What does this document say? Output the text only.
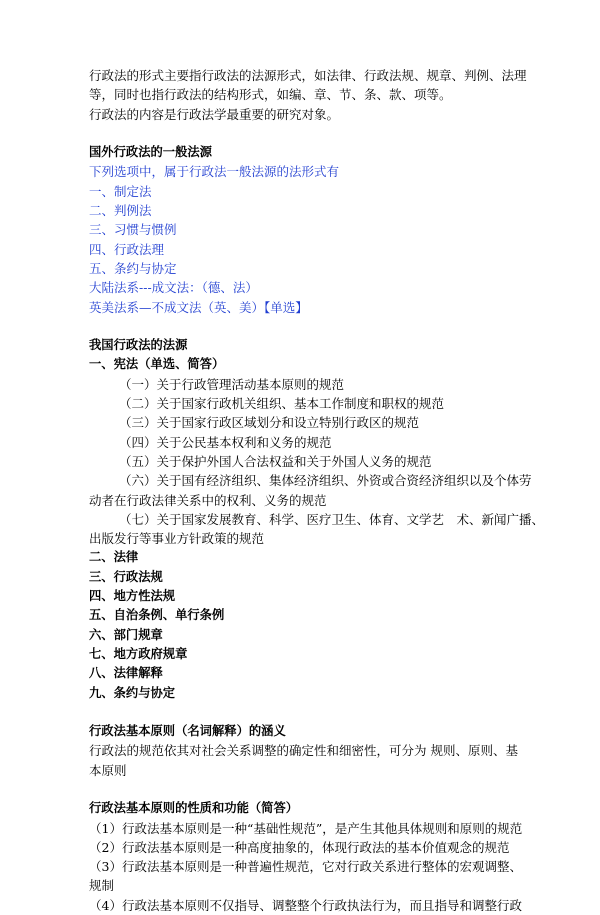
行政法的形式主要指行政法的法源形式，如法律、行政法规、规章、判例、法理
等，同时也指行政法的结构形式，如编、章、节、条、款、项等。
行政法的内容是行政法学最重要的研究对象。
国外行政法的一般法源
下列选项中，属于行政法一般法源的法形式有
一、制定法
二、判例法
三、习惯与惯例
四、行政法理
五、条约与协定
大陆法系---成文法：（德、法）
英美法系—不成文法（英、美）【单选】
我国行政法的法源
一、宪法（单选、简答）
（一）关于行政管理活动基本原则的规范
（二）关于国家行政机关组织、基本工作制度和职权的规范
（三）关于国家行政区域划分和设立特别行政区的规范
（四）关于公民基本权利和义务的规范
（五）关于保护外国人合法权益和关于外国人义务的规范
（六）关于国有经济组织、集体经济组织、外资或合资经济组织以及个体劳
动者在行政法律关系中的权利、义务的规范
（七）关于国家发展教育、科学、医疗卫生、体育、文学艺　术、新闻广播、
出版发行等事业方针政策的规范
二、法律
三、行政法规
四、地方性法规
五、自治条例、单行条例
六、部门规章
七、地方政府规章
八、法律解释
九、条约与协定
行政法基本原则（名词解释）的涵义
行政法的规范依其对社会关系调整的确定性和细密性，可分为 规则、原则、基
本原则
行政法基本原则的性质和功能（简答）
（1）行政法基本原则是一种“基础性规范”，是产生其他具体规则和原则的规范
（2）行政法基本原则是一种高度抽象的，体现行政法的基本价值观念的规范
（3）行政法基本原则是一种普遍性规范，它对行政关系进行整体的宏观调整、
规制
（4）行政法基本原则不仅指导、调整整个行政执法行为，而且指导和调整行政
